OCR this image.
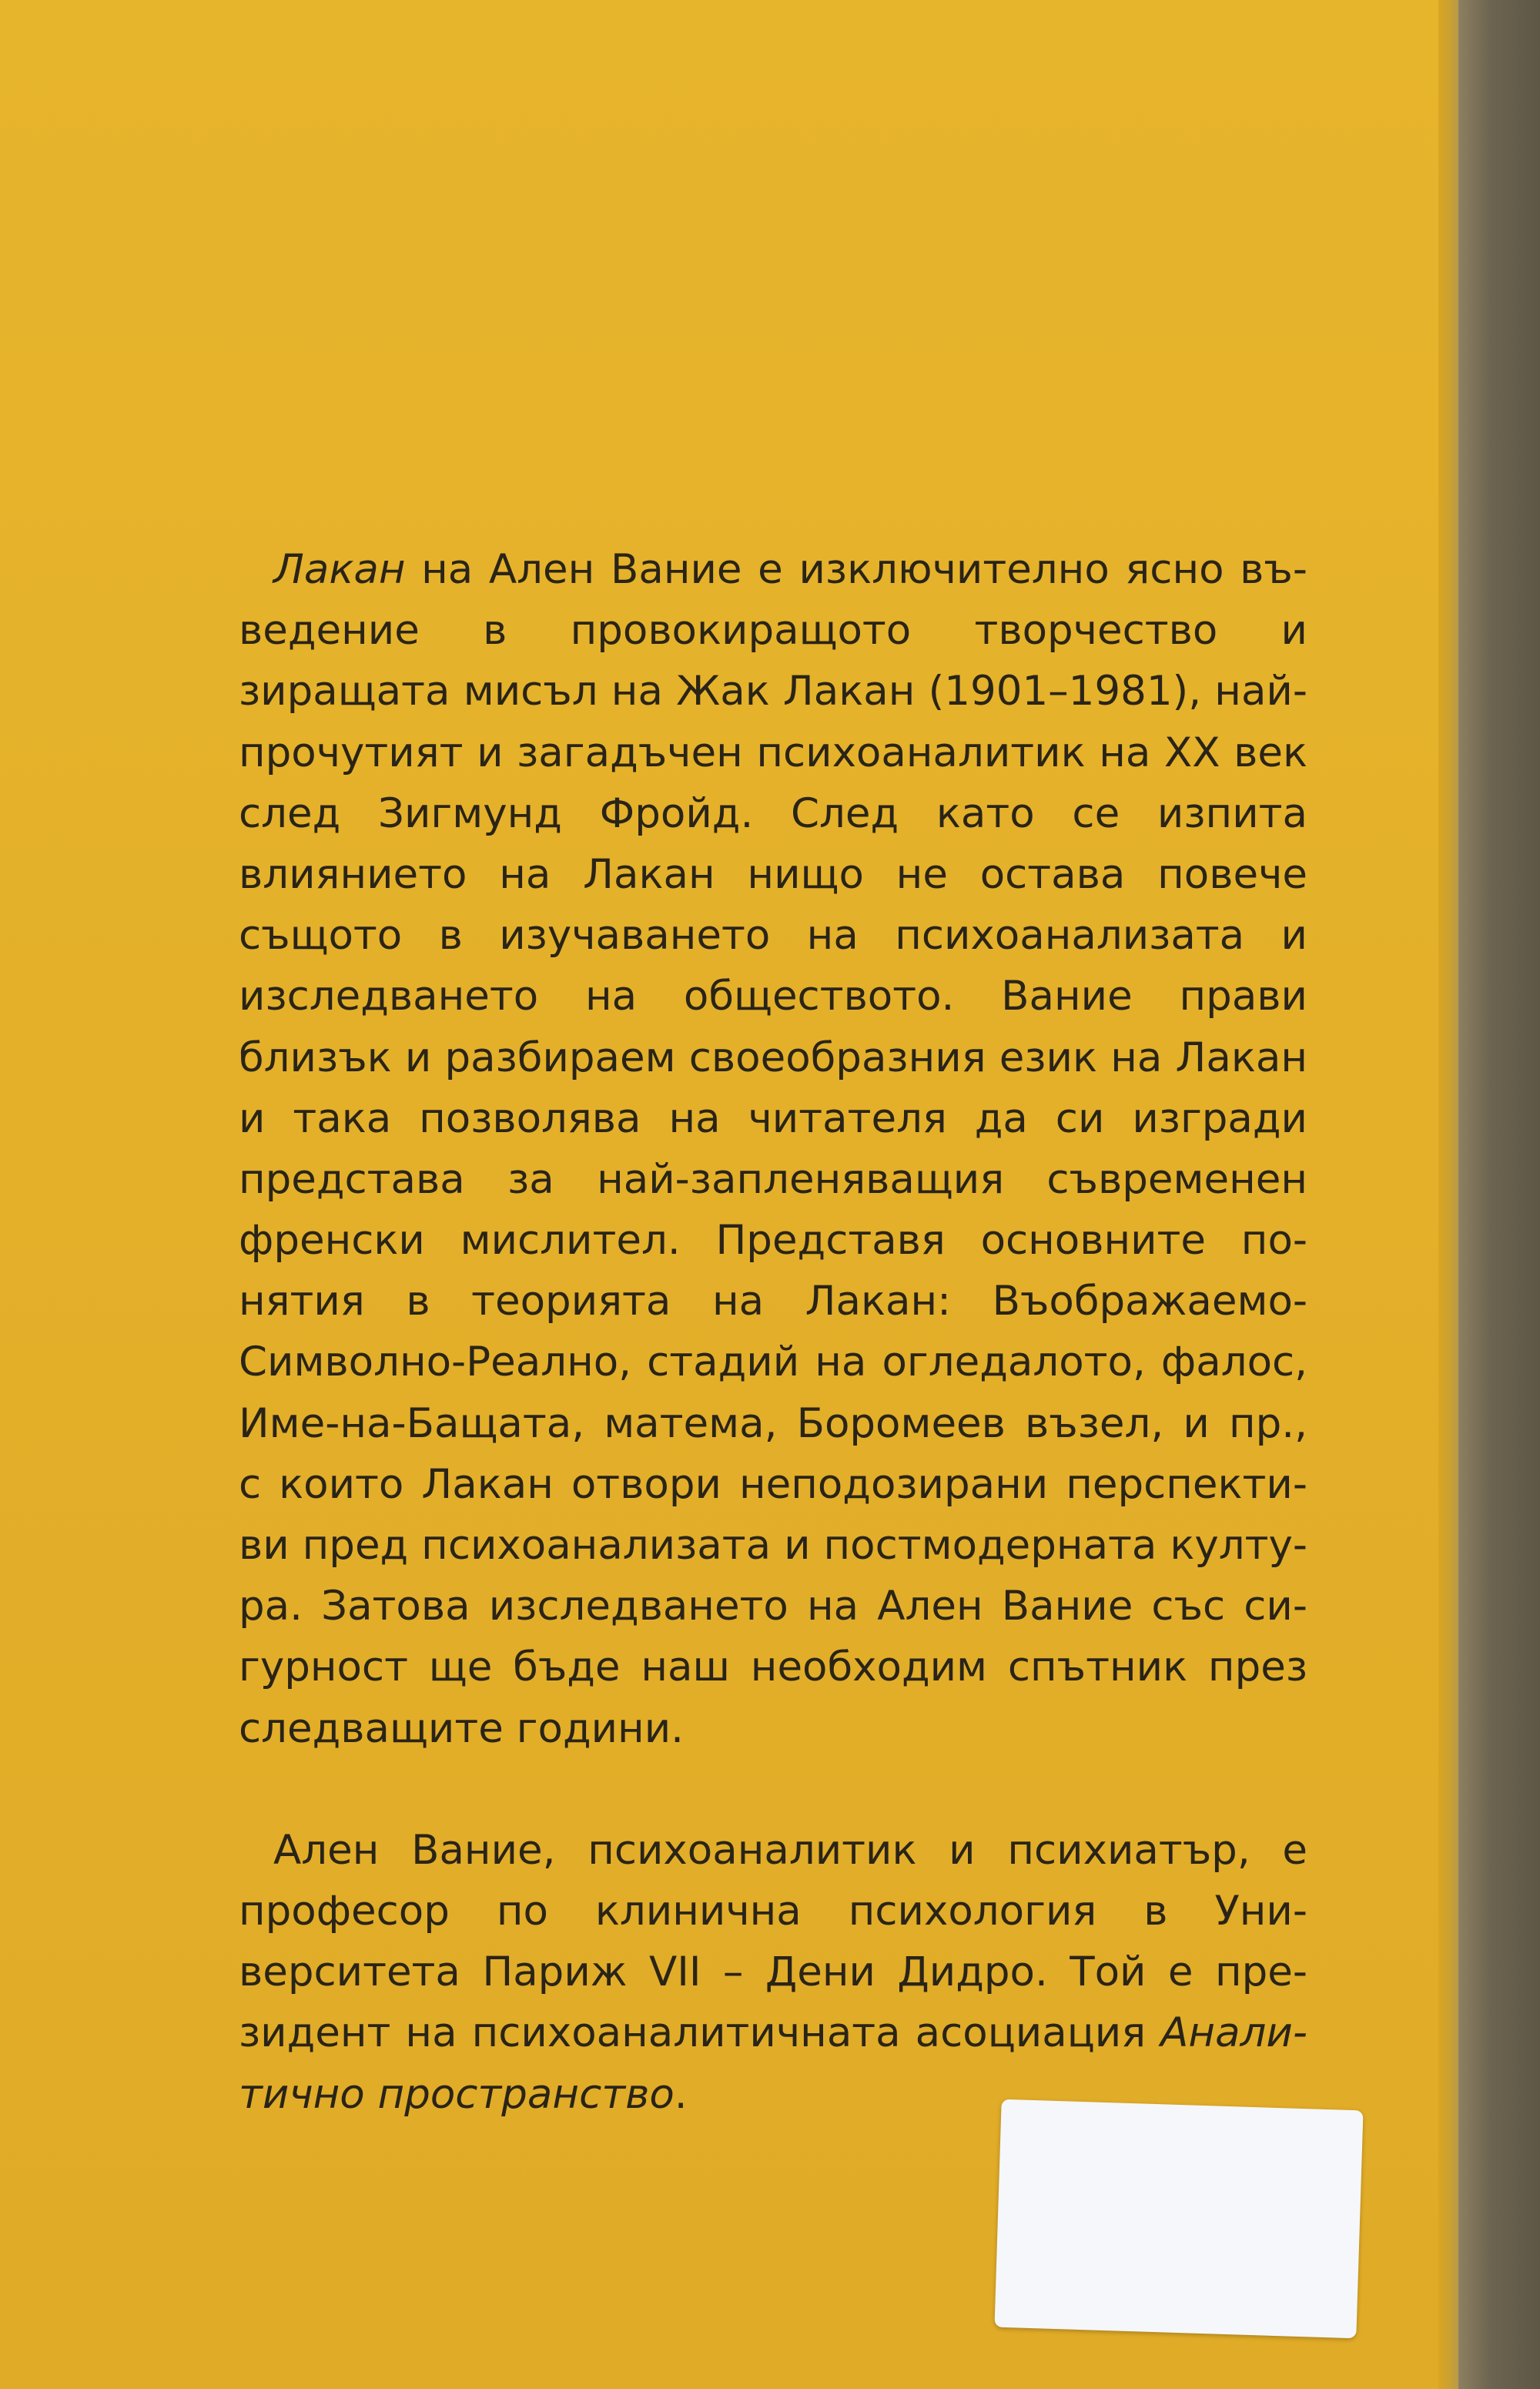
Лакан на Ален Вание е изключително ясно въ-
ведение в провокиращото творчество и
зиращата мисъл на Жак Лакан (1901–1981), най-
прочутият и загадъчен психоаналитик на XX век
след Зигмунд Фройд. След като се изпита
влиянието на Лакан нищо не остава повече
същото в изучаването на психоанализата и
изследването на обществото. Вание прави
близък и разбираем своеобразния език на Лакан
и така позволява на читателя да си изгради
представа за най-запленяващия съвременен
френски мислител. Представя основните по-
нятия в теорията на Лакан: Въображаемо-
Символно-Реално, стадий на огледалото, фалос,
Име-на-Бащата, матема, Боромеев възел, и пр.,
с които Лакан отвори неподозирани перспекти-
ви пред психоанализата и постмодерната култу-
ра. Затова изследването на Ален Вание със си-
гурност ще бъде наш необходим спътник през
следващите години.
Ален Вание, психоаналитик и психиатър, е
професор по клинична психология в Уни-
верситета Париж VII – Дени Дидро. Той е пре-
зидент на психоаналитичната асоциация Анали-
тично пространство.
